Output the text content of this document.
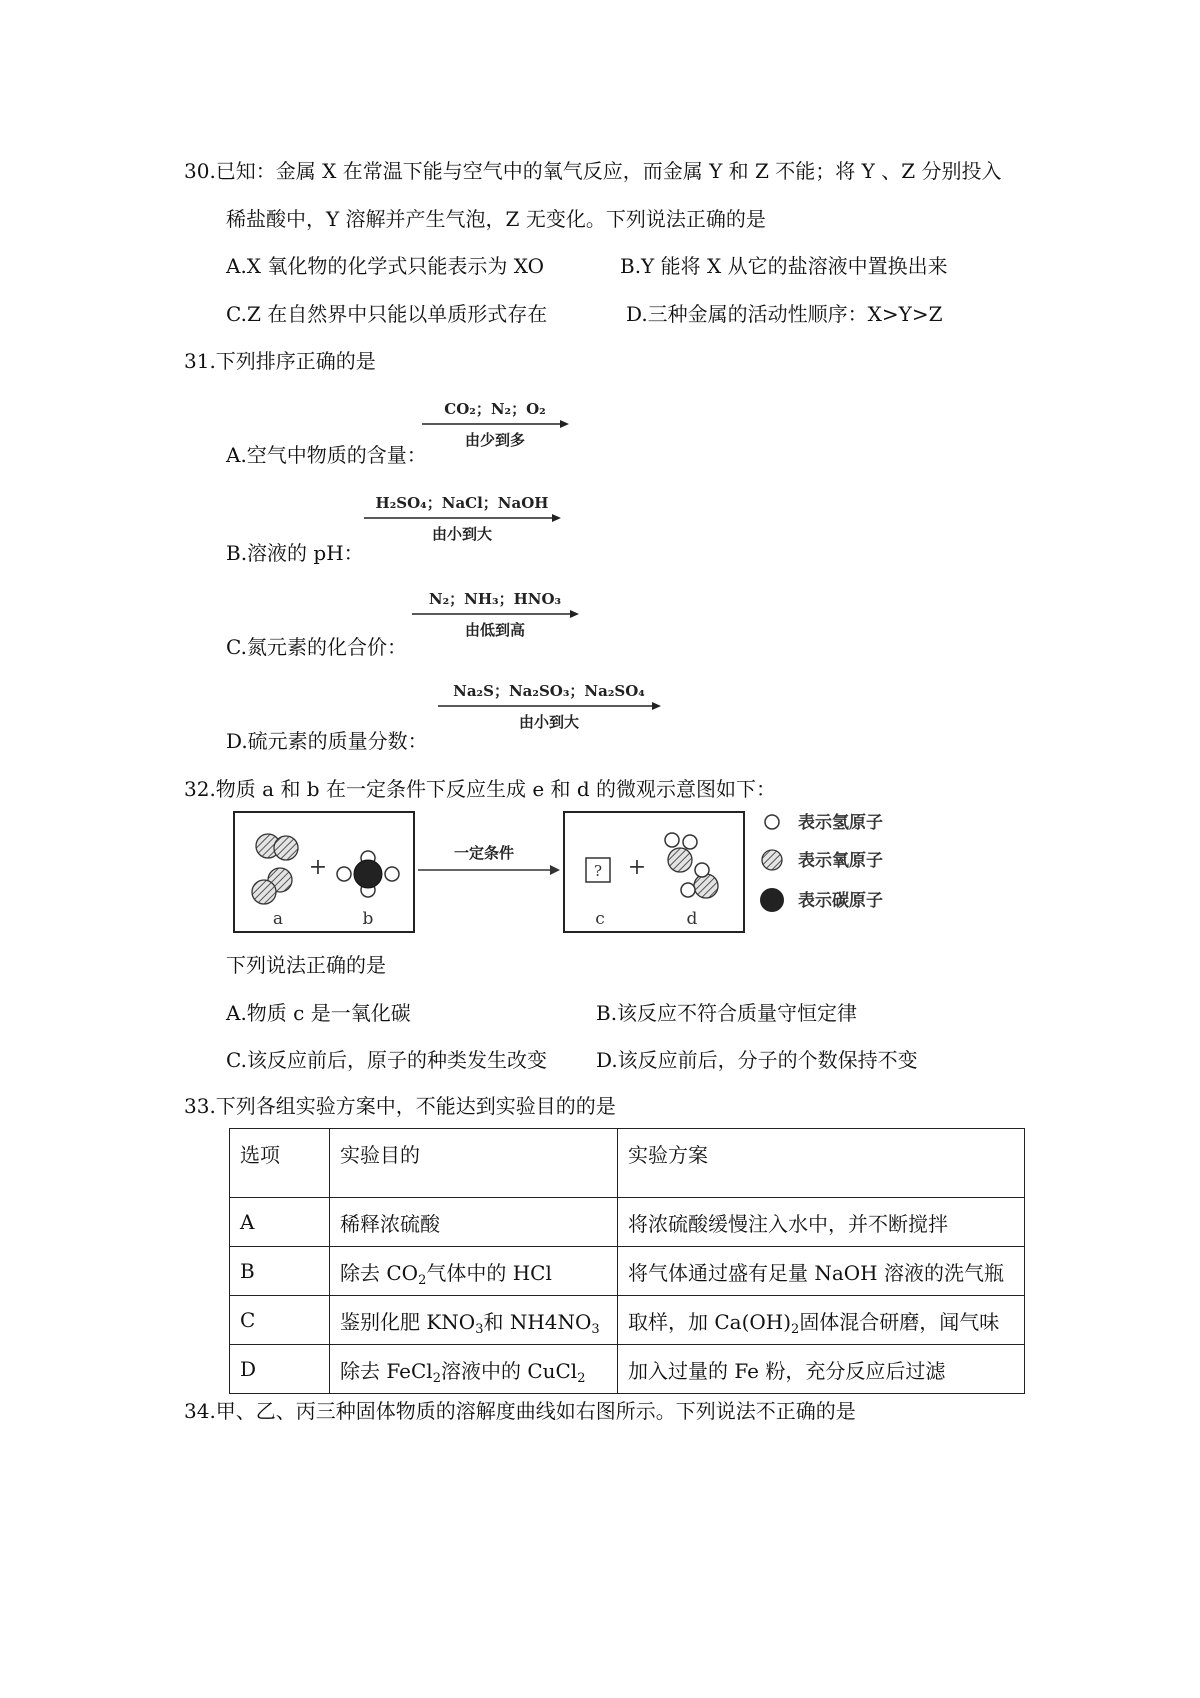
30.已知：金属 X 在常温下能与空气中的氧气反应，而金属 Y 和 Z 不能；将 Y 、Z 分别投入
稀盐酸中，Y 溶解并产生气泡，Z 无变化。下列说法正确的是
A.X 氧化物的化学式只能表示为 XO	B.Y 能将 X 从它的盐溶液中置换出来
C.Z 在自然界中只能以单质形式存在	D.三种金属的活动性顺序：X>Y>Z
31.下列排序正确的是
A.空气中物质的含量：
CO₂；N₂；O₂
由少到多
B.溶液的 pH：
H₂SO₄；NaCl；NaOH
由小到大
C.氮元素的化合价：
N₂；NH₃；HNO₃
由低到高
D.硫元素的质量分数：
Na₂S；Na₂SO₃；Na₂SO₄
由小到大
32.物质 a 和 b 在一定条件下反应生成 e 和 d 的微观示意图如下：
+
a	b
一定条件
? +
c	d
表示氢原子
表示氧原子
表示碳原子
下列说法正确的是
A.物质 c 是一氧化碳	B.该反应不符合质量守恒定律
C.该反应前后，原子的种类发生改变 D.该反应前后，分子的个数保持不变
33.下列各组实验方案中，不能达到实验目的的是
选项	实验目的	实验方案
A	稀释浓硫酸	将浓硫酸缓慢注入水中，并不断搅拌
B	除去 $CO_2$气体中的 HCl	将气体通过盛有足量 NaOH 溶液的洗气瓶
C	鉴别化肥 $KNO_3$和 $NH4NO_3$	取样，加 $Ca(OH)_2$固体混合研磨，闻气味
D	除去 FeCl$_2$溶液中的 CuCl$_2$	加入过量的 Fe 粉，充分反应后过滤
34.甲、乙、丙三种固体物质的溶解度曲线如右图所示。下列说法不正确的是
